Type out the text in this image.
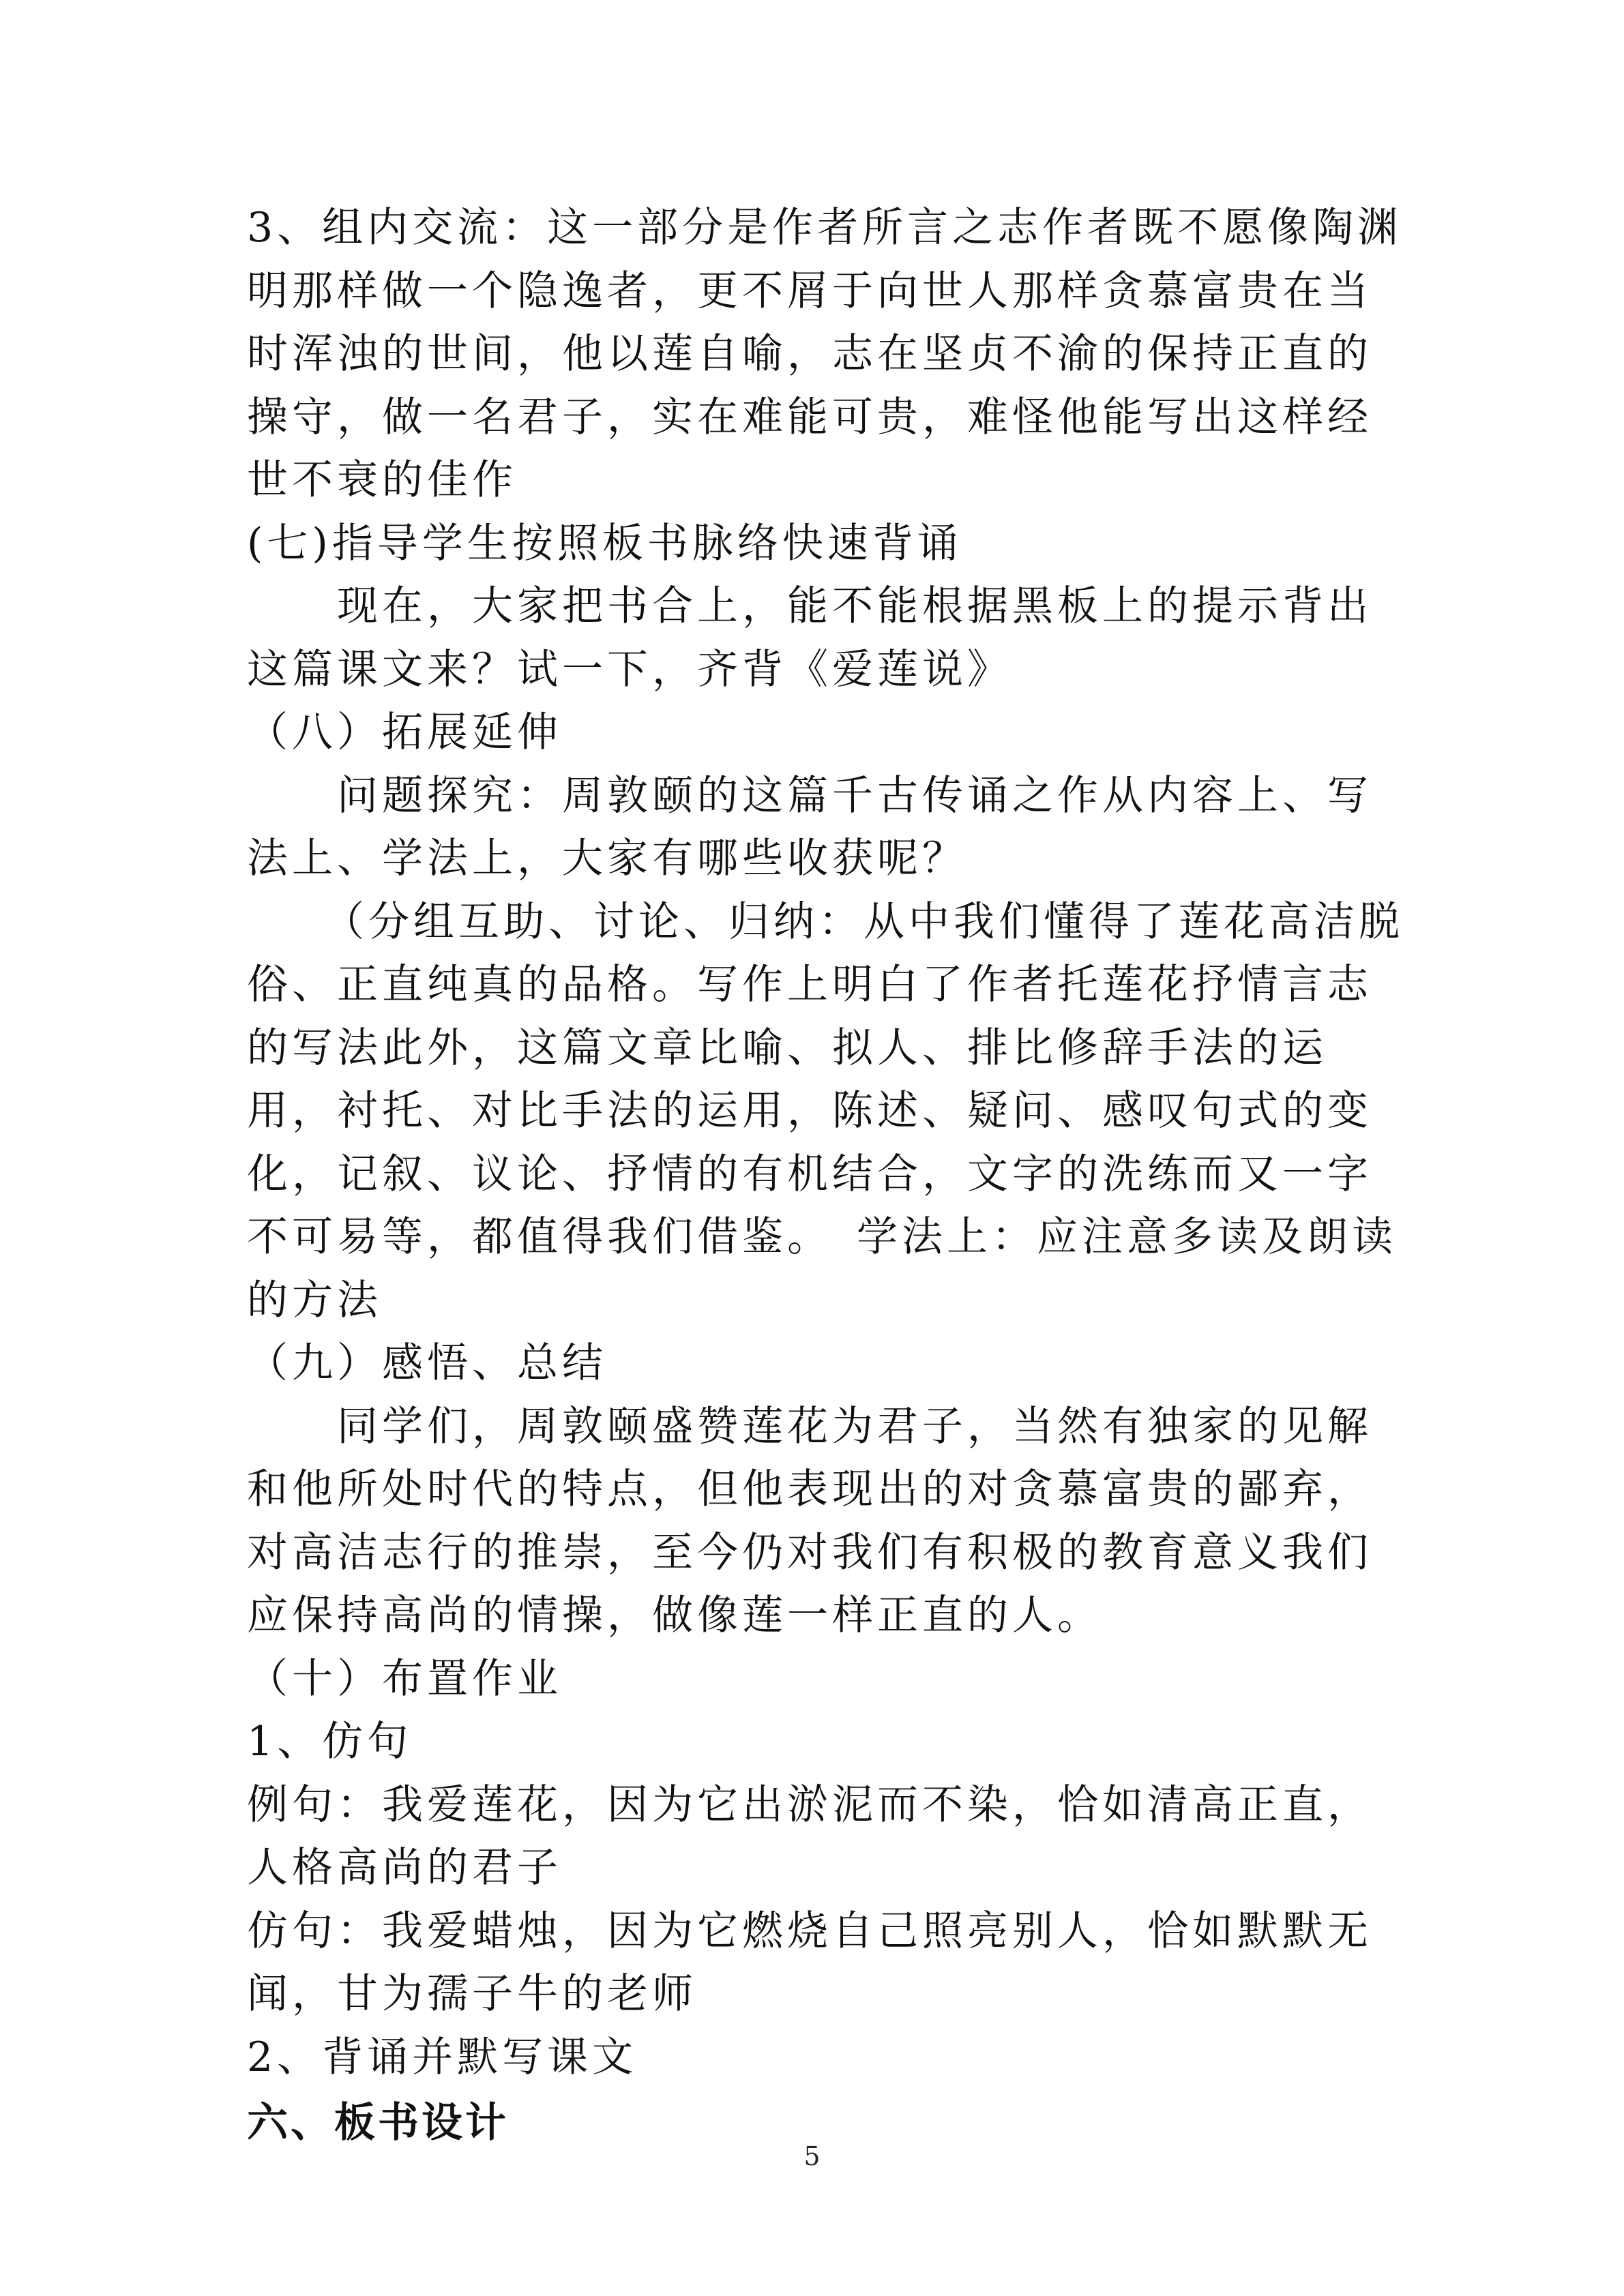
3、组内交流：这一部分是作者所言之志作者既不愿像陶渊
明那样做一个隐逸者，更不屑于向世人那样贪慕富贵在当
时浑浊的世间，他以莲自喻，志在坚贞不渝的保持正直的
操守，做一名君子，实在难能可贵，难怪他能写出这样经
世不衰的佳作
(七)指导学生按照板书脉络快速背诵
现在，大家把书合上，能不能根据黑板上的提示背出
这篇课文来？试一下，齐背《爱莲说》
（八）拓展延伸
问题探究：周敦颐的这篇千古传诵之作从内容上、写
法上、学法上，大家有哪些收获呢？
（分组互助、讨论、归纳：从中我们懂得了莲花高洁脱
俗、正直纯真的品格。写作上明白了作者托莲花抒情言志
的写法此外，这篇文章比喻、拟人、排比修辞手法的运
用，衬托、对比手法的运用，陈述、疑问、感叹句式的变
化，记叙、议论、抒情的有机结合，文字的洗练而又一字
不可易等，都值得我们借鉴。　学法上：应注意多读及朗读
的方法
（九）感悟、总结
同学们，周敦颐盛赞莲花为君子，当然有独家的见解
和他所处时代的特点，但他表现出的对贪慕富贵的鄙弃，
对高洁志行的推崇，至今仍对我们有积极的教育意义我们
应保持高尚的情操，做像莲一样正直的人。
（十）布置作业
1、仿句
例句：我爱莲花，因为它出淤泥而不染，恰如清高正直，
人格高尚的君子
仿句：我爱蜡烛，因为它燃烧自己照亮别人，恰如默默无
闻，甘为孺子牛的老师
2、背诵并默写课文
六、板书设计
5
